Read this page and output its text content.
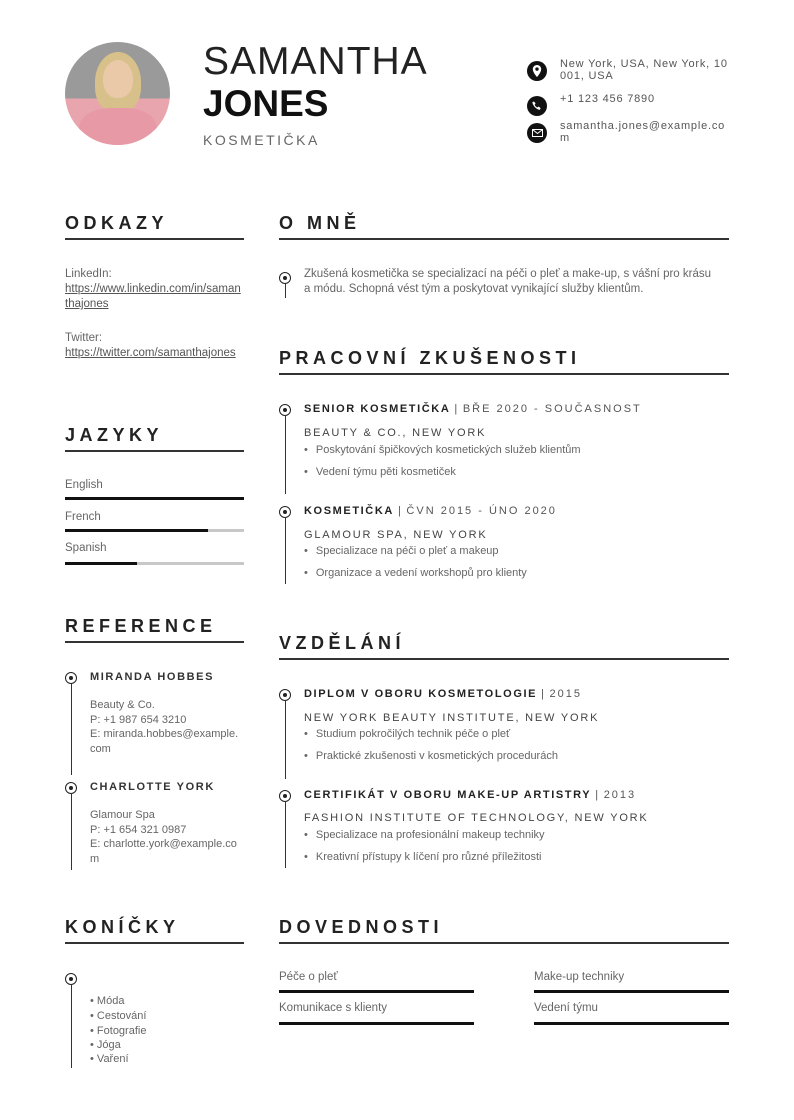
SAMANTHA
JONES
KOSMETIČKA
New York, USA, New York, 10001, USA
+1 123 456 7890
samantha.jones@example.com
ODKAZY
LinkedIn:
https://www.linkedin.com/in/samanthajones
Twitter:
https://twitter.com/samanthajones
JAZYKY
English
French
Spanish
REFERENCE
MIRANDA HOBBES
Beauty & Co.
P: +1 987 654 3210
E: miranda.hobbes@example.com
CHARLOTTE YORK
Glamour Spa
P: +1 654 321 0987
E: charlotte.york@example.com
KONÍČKY
• Móda
• Cestování
• Fotografie
• Jóga
• Vaření
O MNĚ
Zkušená kosmetička se specializací na péči o pleť a make-up, s vášní pro krásu a módu. Schopná vést tým a poskytovat vynikající služby klientům.
PRACOVNÍ ZKUŠENOSTI
SENIOR KOSMETIČKA | BŘE 2020 - SOUČASNOST
BEAUTY & CO., NEW YORK
• Poskytování špičkových kosmetických služeb klientům
• Vedení týmu pěti kosmetiček
KOSMETIČKA | ČVN 2015 - ÚNO 2020
GLAMOUR SPA, NEW YORK
• Specializace na péči o pleť a makeup
• Organizace a vedení workshopů pro klienty
VZDĚLÁNÍ
DIPLOM V OBORU KOSMETOLOGIE | 2015
NEW YORK BEAUTY INSTITUTE, NEW YORK
• Studium pokročilých technik péče o pleť
• Praktické zkušenosti v kosmetických procedurách
CERTIFIKÁT V OBORU MAKE-UP ARTISTRY | 2013
FASHION INSTITUTE OF TECHNOLOGY, NEW YORK
• Specializace na profesionální makeup techniky
• Kreativní přístupy k líčení pro různé příležitosti
DOVEDNOSTI
Péče o pleť	Make-up techniky
Komunikace s klienty	Vedení týmu
